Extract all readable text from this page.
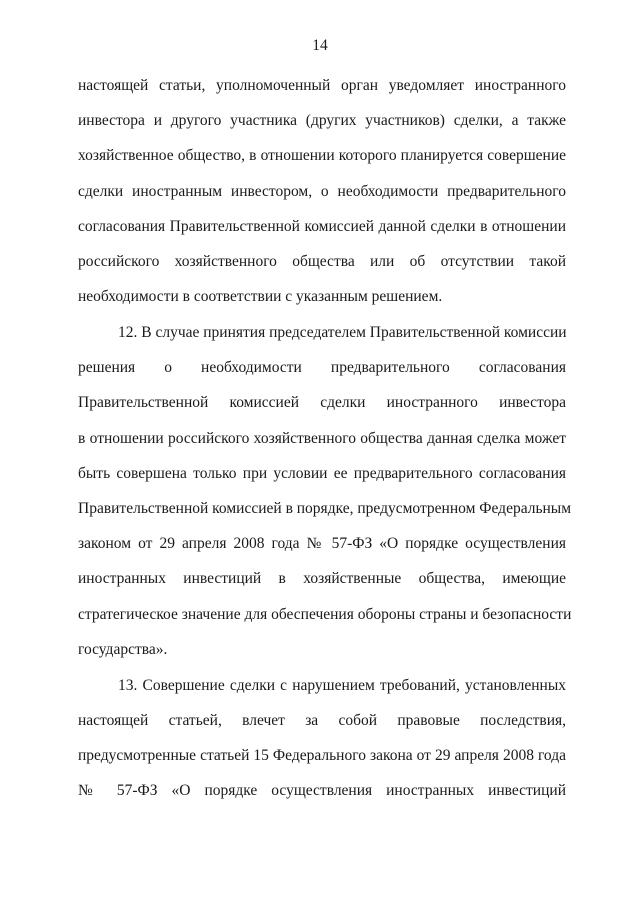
14
настоящей статьи, уполномоченный орган уведомляет иностранного
инвестора и другого участника (других участников) сделки, а также
хозяйственное общество, в отношении которого планируется совершение
сделки иностранным инвестором, о необходимости предварительного
согласования Правительственной комиссией данной сделки в отношении
российского хозяйственного общества или об отсутствии такой
необходимости в соответствии с указанным решением.
12. В случае принятия председателем Правительственной комиссии
решения о необходимости предварительного согласования
Правительственной комиссией сделки иностранного инвестора
в отношении российского хозяйственного общества данная сделка может
быть совершена только при условии ее предварительного согласования
Правительственной комиссией в порядке, предусмотренном Федеральным
законом от 29 апреля 2008 года № 57-ФЗ «О порядке осуществления
иностранных инвестиций в хозяйственные общества, имеющие
стратегическое значение для обеспечения обороны страны и безопасности
государства».
13. Совершение сделки с нарушением требований, установленных
настоящей статьей, влечет за собой правовые последствия,
предусмотренные статьей 15 Федерального закона от 29 апреля 2008 года
№ 57-ФЗ «О порядке осуществления иностранных инвестиций
